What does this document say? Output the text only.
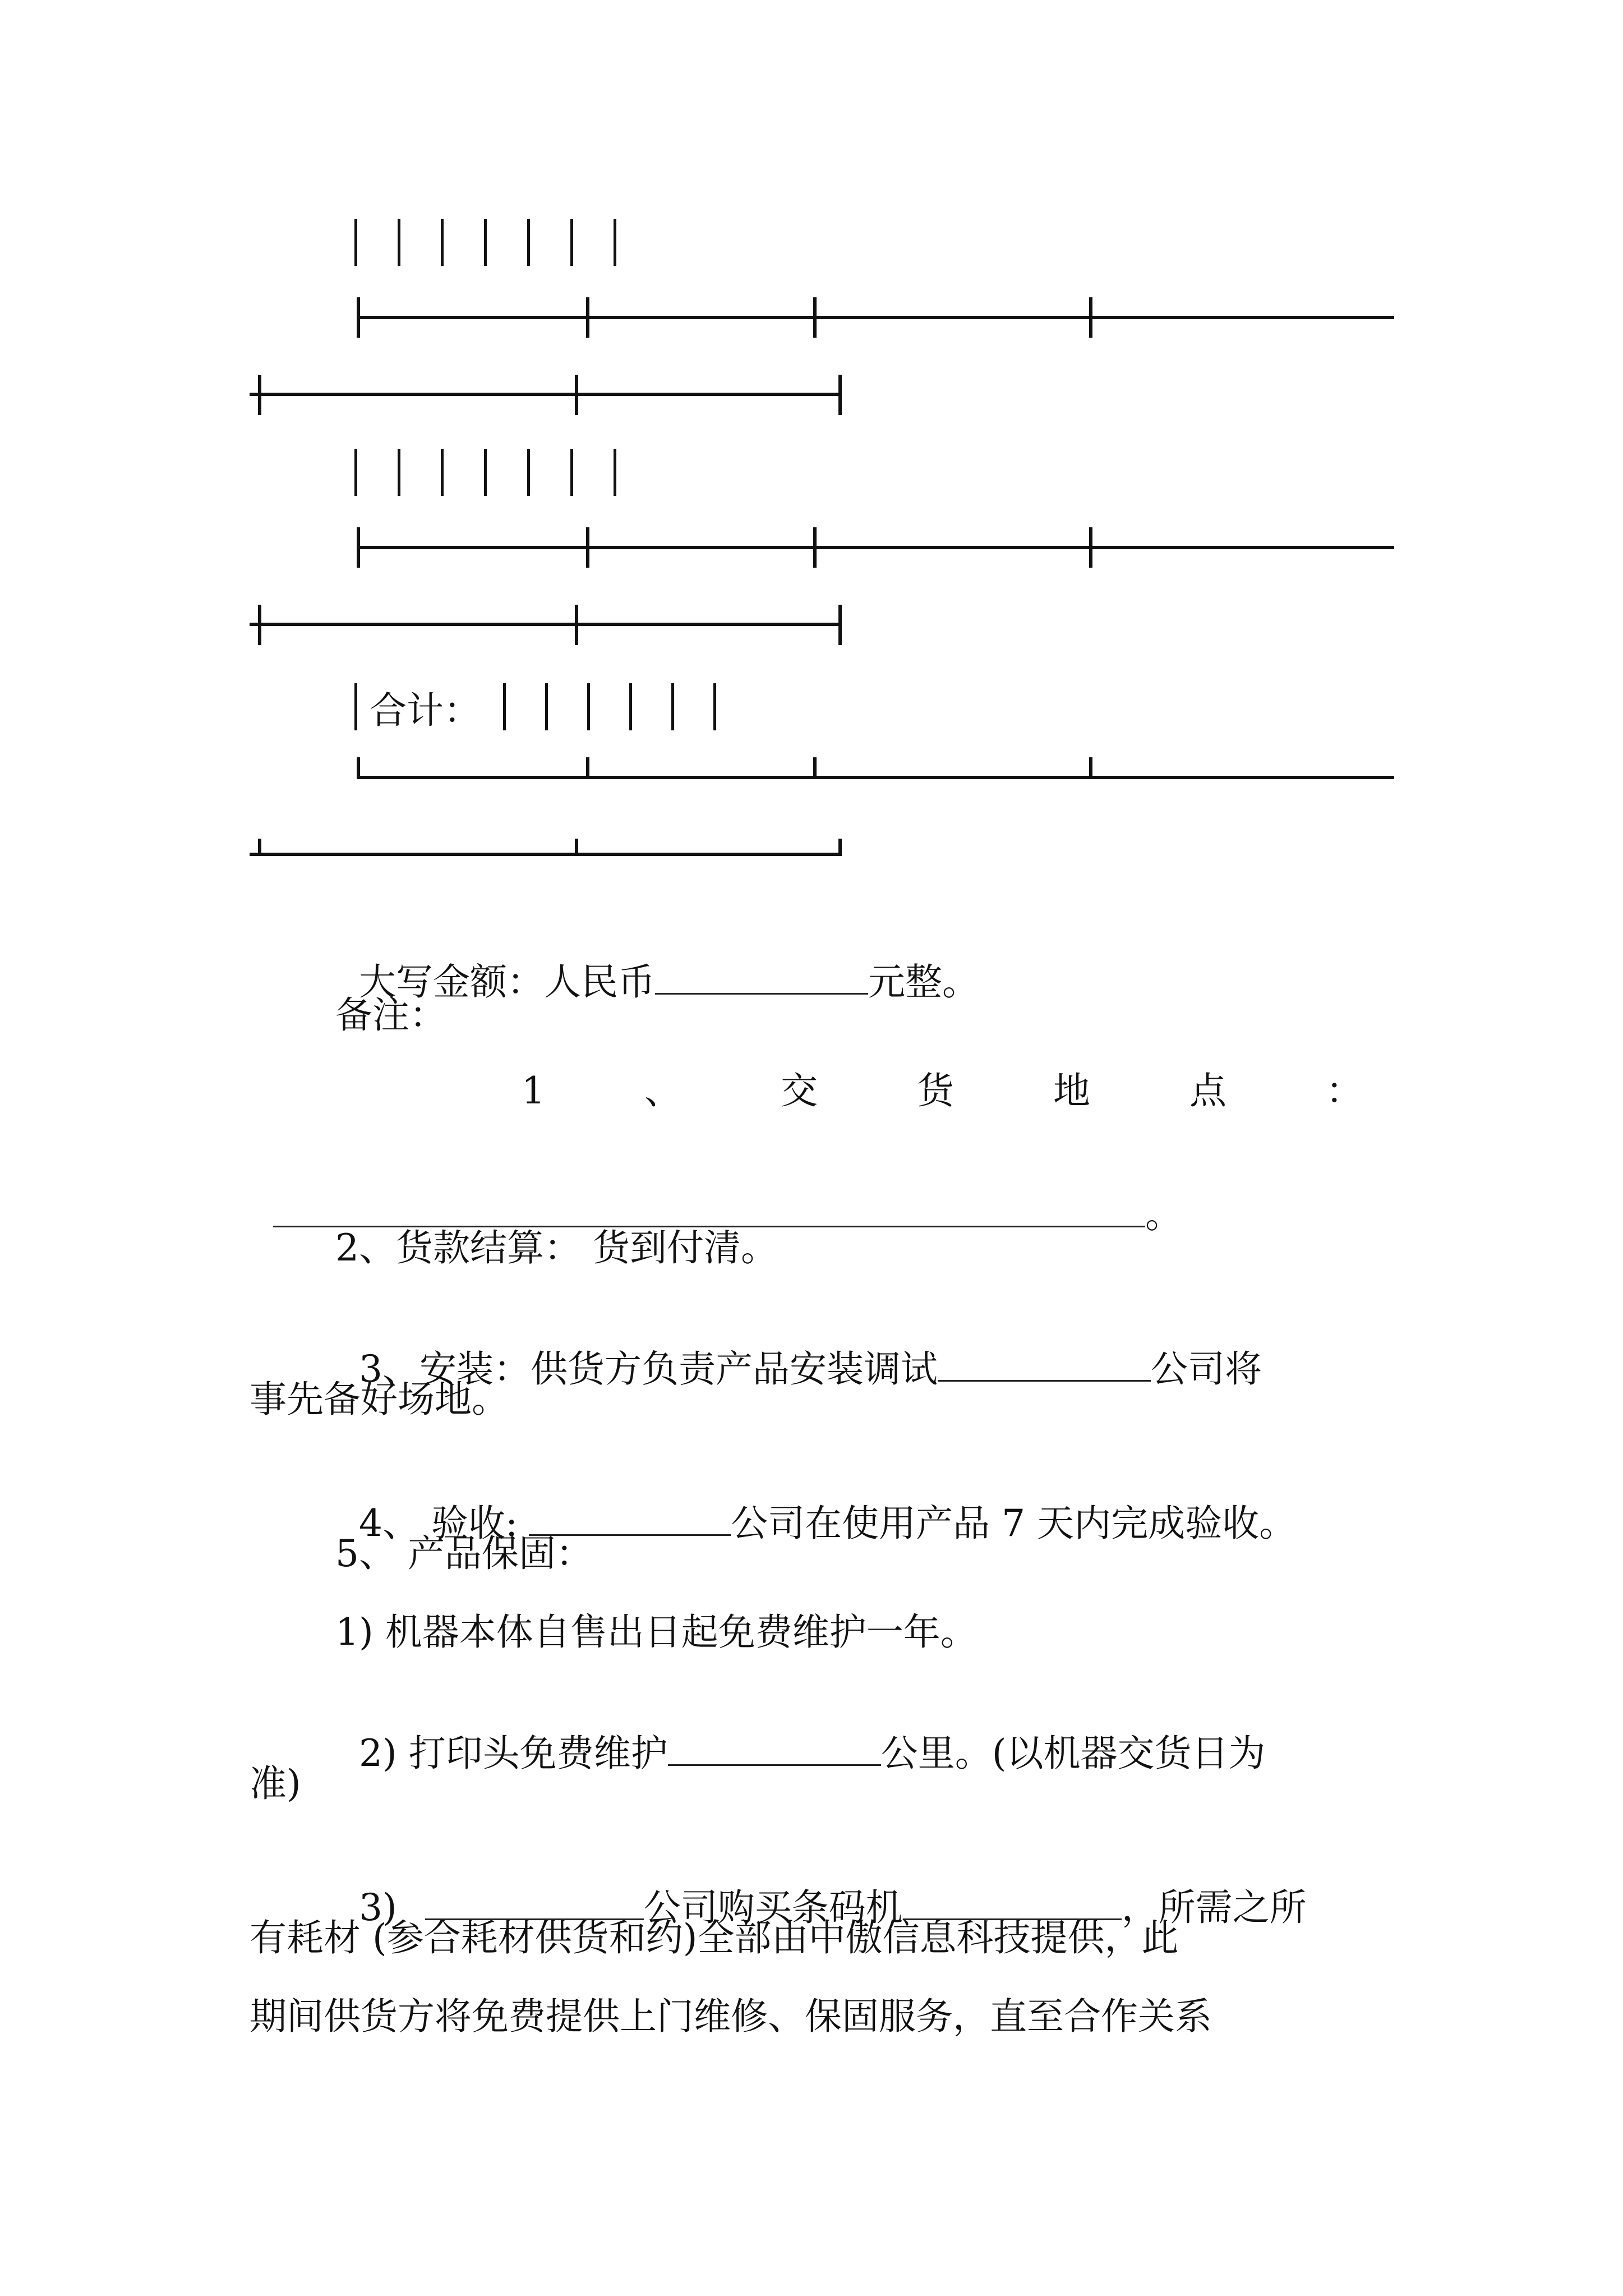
合计：

大写金额：人民币	元整。

备注：
1	、	交	货	地	点	：

。

2、货款结算： 货到付清。

3、安装：供货方负责产品安装调试	公司将

事先备好场地。

4、 验收:	公司在使用产品 7 天内完成验收。

5、 产品保固：
1) 机器本体自售出日起免费维护一年。

2) 打印头免费维护	公里。(以机器交货日为

准)

3)	公司购买条码机	，所需之所

有耗材 (参合耗材供货和约)全部由中傲信息科技提供，此
期间供货方将免费提供上门维修、保固服务，直至合作关系
